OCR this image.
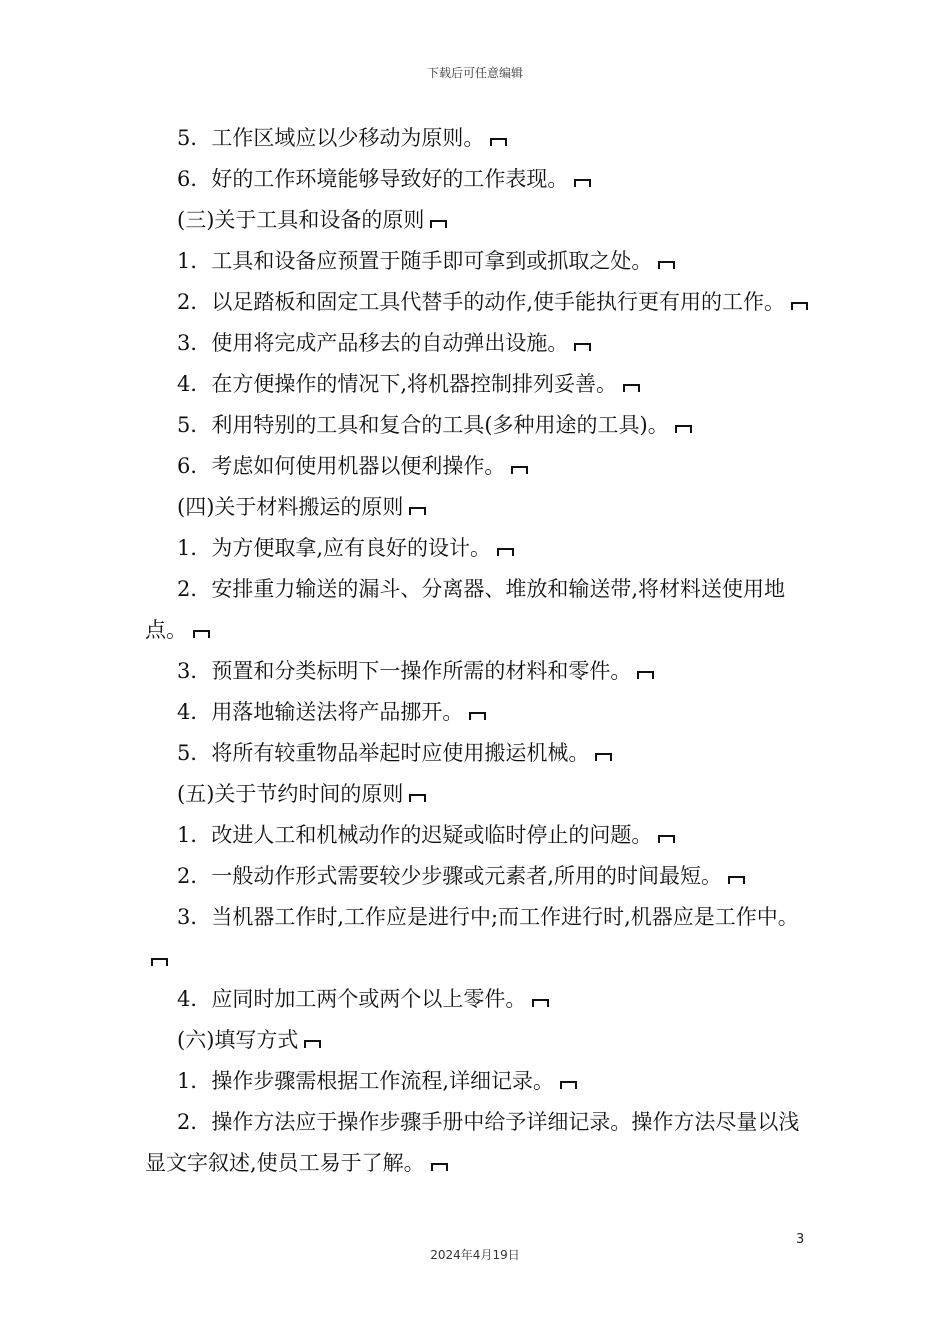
下载后可任意编辑

5．工作区域应以少移动为原则。

6．好的工作环境能够导致好的工作表现。

(三)关于工具和设备的原则

1．工具和设备应预置于随手即可拿到或抓取之处。

2．以足踏板和固定工具代替手的动作,使手能执行更有用的工作。

3．使用将完成产品移去的自动弹出设施。

4．在方便操作的情况下,将机器控制排列妥善。

5．利用特别的工具和复合的工具(多种用途的工具)。

6．考虑如何使用机器以便利操作。

(四)关于材料搬运的原则

1．为方便取拿,应有良好的设计。

2．安排重力输送的漏斗、分离器、堆放和输送带,将材料送使用地点。

3．预置和分类标明下一操作所需的材料和零件。

4．用落地输送法将产品挪开。

5．将所有较重物品举起时应使用搬运机械。

(五)关于节约时间的原则

1．改进人工和机械动作的迟疑或临时停止的问题。

2．一般动作形式需要较少步骤或元素者,所用的时间最短。

3．当机器工作时,工作应是进行中;而工作进行时,机器应是工作中。

4．应同时加工两个或两个以上零件。

(六)填写方式

1．操作步骤需根据工作流程,详细记录。

2．操作方法应于操作步骤手册中给予详细记录。操作方法尽量以浅显文字叙述,使员工易于了解。

3
2024年4月19日
